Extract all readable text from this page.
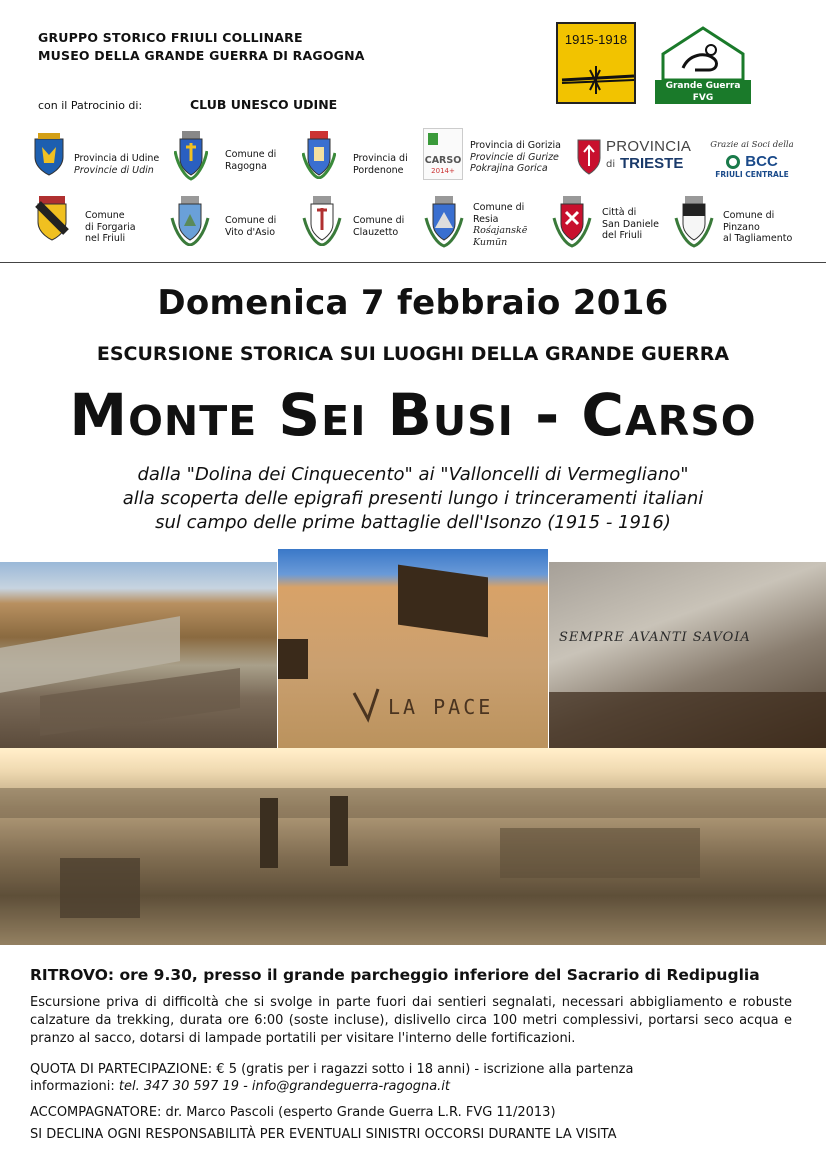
GRUPPO STORICO FRIULI COLLINARE
MUSEO DELLA GRANDE GUERRA DI RAGOGNA
con il Patrocinio di:	CLUB UNESCO UDINE
1915-1918
Grande Guerra FVG
SENTIERI DI PACE
Provincia di Udine
Provincie di Udin
Comune di
Ragogna
Provincia di
Pordenone
CARSO
2014+
Provincia di Gorizia
Provincie di Gurize
Pokrajina Gorica
PROVINCIA
di TRIESTE
Grazie ai Soci della
BCC
FRIULI CENTRALE
Comune
di Forgaria
nel Friuli
Comune di
Vito d'Asio
Comune di
Clauzetto
Comune di
Resia
Rośajanskē
Kumūn
Città di
San Daniele
del Friuli
Comune di
Pinzano
al Tagliamento
Domenica 7 febbraio 2016
ESCURSIONE STORICA SUI LUOGHI DELLA GRANDE GUERRA
Monte Sei Busi - Carso
dalla "Dolina dei Cinquecento" ai "Valloncelli di Vermegliano"
alla scoperta delle epigrafi presenti lungo i trinceramenti italiani
sul campo delle prime battaglie dell'Isonzo (1915 - 1916)
LA PACE
SEMPRE AVANTI SAVOIA
RITROVO: ore 9.30, presso il grande parcheggio inferiore del Sacrario di Redipuglia
Escursione priva di difficoltà che si svolge in parte fuori dai sentieri segnalati, necessari abbigliamento e robuste calzature da trekking, durata ore 6:00 (soste incluse), dislivello circa 100 metri complessivi, portarsi seco acqua e pranzo al sacco, dotarsi di lampade portatili per visitare l'interno delle fortificazioni.
QUOTA DI PARTECIPAZIONE: € 5 (gratis per i ragazzi sotto i 18 anni) - iscrizione alla partenza
informazioni: tel. 347 30 597 19 - info@grandeguerra-ragogna.it
ACCOMPAGNATORE: dr. Marco Pascoli (esperto Grande Guerra L.R. FVG 11/2013)
SI DECLINA OGNI RESPONSABILITÀ PER EVENTUALI SINISTRI OCCORSI DURANTE LA VISITA
